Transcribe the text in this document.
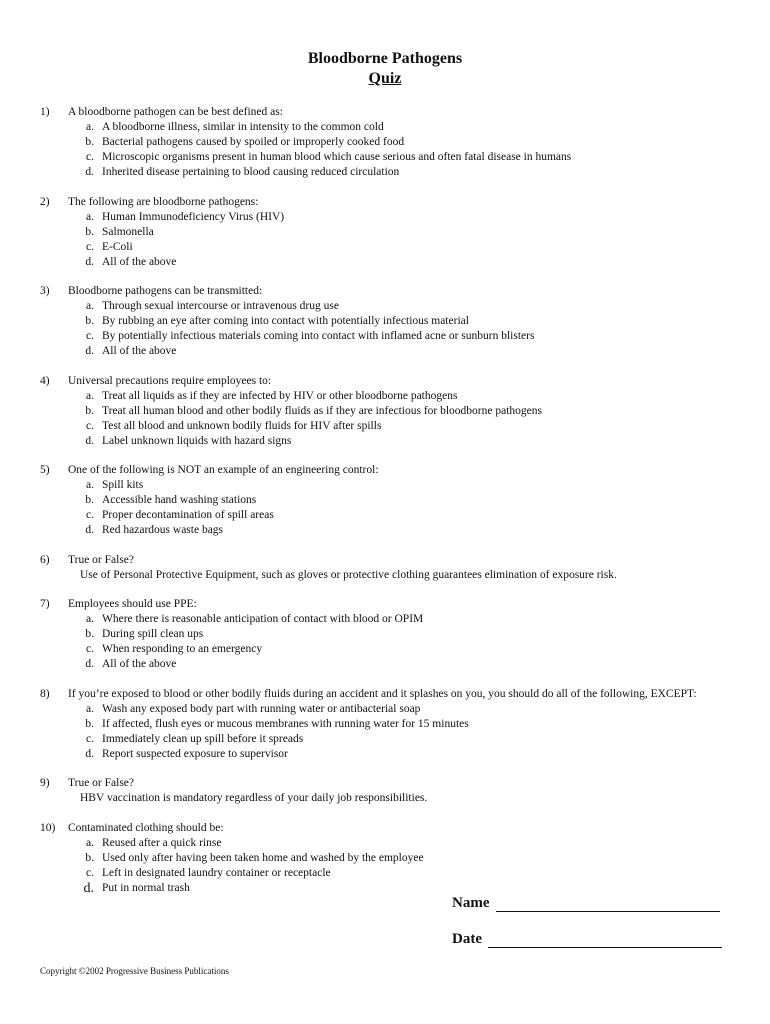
Bloodborne Pathogens
Quiz
1)	A bloodborne pathogen can be best defined as:
a. A bloodborne illness, similar in intensity to the common cold
b. Bacterial pathogens caused by spoiled or improperly cooked food
c. Microscopic organisms present in human blood which cause serious and often fatal disease in humans
d. Inherited disease pertaining to blood causing reduced circulation
2)	The following are bloodborne pathogens:
a. Human Immunodeficiency Virus (HIV)
b. Salmonella
c. E-Coli
d. All of the above
3)	Bloodborne pathogens can be transmitted:
a. Through sexual intercourse or intravenous drug use
b. By rubbing an eye after coming into contact with potentially infectious material
c. By potentially infectious materials coming into contact with inflamed acne or sunburn blisters
d. All of the above
4)	Universal precautions require employees to:
a. Treat all liquids as if they are infected by HIV or other bloodborne pathogens
b. Treat all human blood and other bodily fluids as if they are infectious for bloodborne pathogens
c. Test all blood and unknown bodily fluids for HIV after spills
d. Label unknown liquids with hazard signs
5)	One of the following is NOT an example of an engineering control:
a. Spill kits
b. Accessible hand washing stations
c. Proper decontamination of spill areas
d. Red hazardous waste bags
6)	True or False?
Use of Personal Protective Equipment, such as gloves or protective clothing guarantees elimination of exposure risk.
7)	Employees should use PPE:
a. Where there is reasonable anticipation of contact with blood or OPIM
b. During spill clean ups
c. When responding to an emergency
d. All of the above
8)	If you’re exposed to blood or other bodily fluids during an accident and it splashes on you, you should do all of the following, EXCEPT:
a. Wash any exposed body part with running water or antibacterial soap
b. If affected, flush eyes or mucous membranes with running water for 15 minutes
c. Immediately clean up spill before it spreads
d. Report suspected exposure to supervisor
9)	True or False?
HBV vaccination is mandatory regardless of your daily job responsibilities.
10)	Contaminated clothing should be:
a. Reused after a quick rinse
b. Used only after having been taken home and washed by the employee
c. Left in designated laundry container or receptacle
d. Put in normal trash
Name
Date
Copyright ©2002 Progressive Business Publications
